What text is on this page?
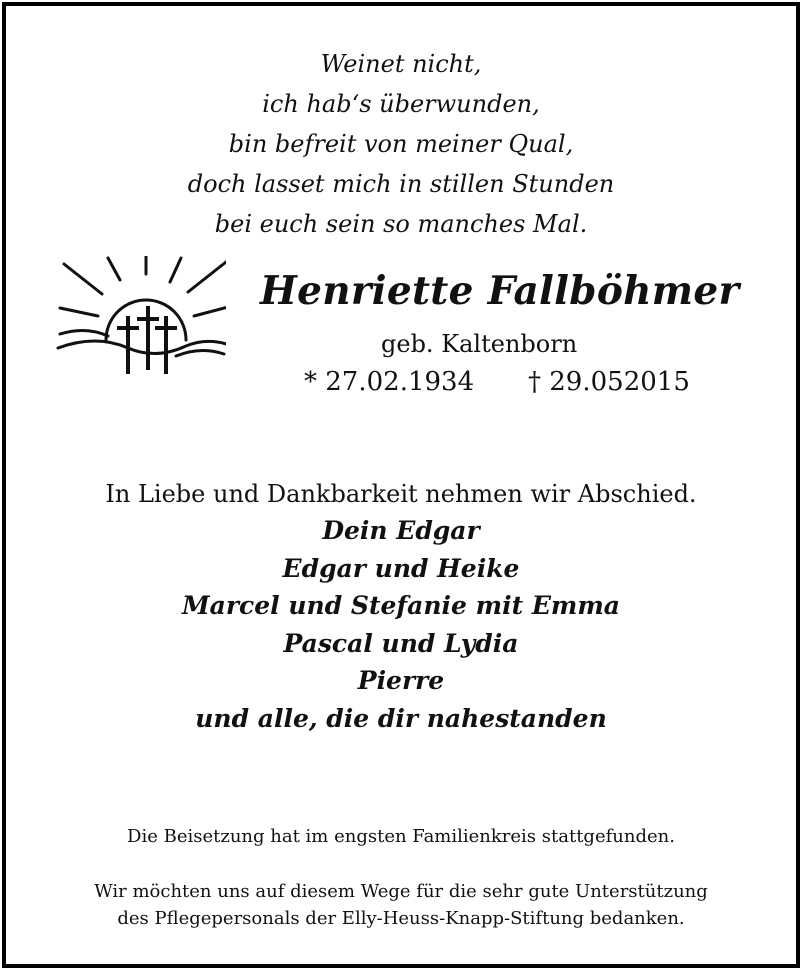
Weinet nicht,
ich hab‘s überwunden,
bin befreit von meiner Qual,
doch lasset mich in stillen Stunden
bei euch sein so manches Mal.
Henriette Fallböhmer
geb. Kaltenborn
* 27.02.1934 † 29.052015
In Liebe und Dankbarkeit nehmen wir Abschied.
Dein Edgar
Edgar und Heike
Marcel und Stefanie mit Emma
Pascal und Lydia
Pierre
und alle, die dir nahestanden
Die Beisetzung hat im engsten Familienkreis stattgefunden.
Wir möchten uns auf diesem Wege für die sehr gute Unterstützung
des Pflegepersonals der Elly-Heuss-Knapp-Stiftung bedanken.
